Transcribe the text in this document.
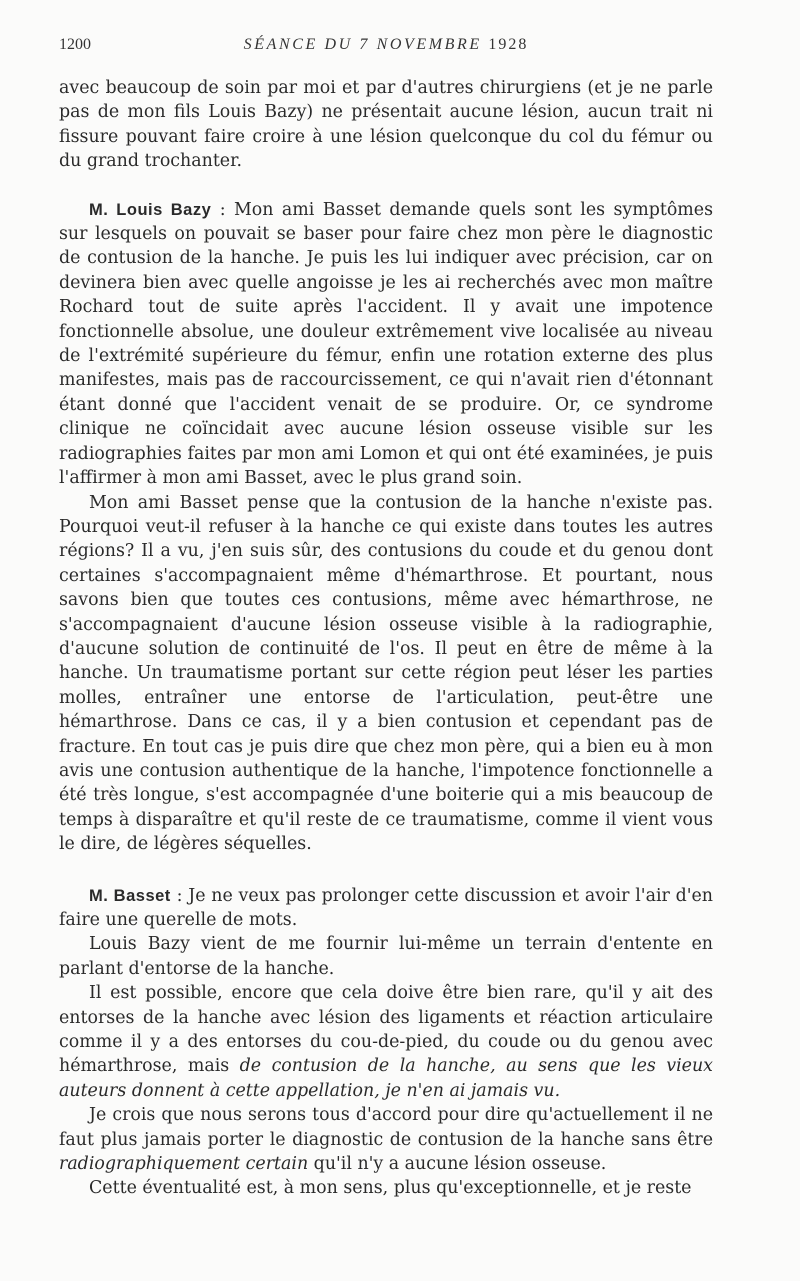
1200	SÉANCE DU 7 NOVEMBRE 1928

avec beaucoup de soin par moi et par d'autres chirurgiens (et je ne parle pas de mon fils Louis Bazy) ne présentait aucune lésion, aucun trait ni fissure pouvant faire croire à une lésion quelconque du col du fémur ou du grand trochanter.

M. Louis Bazy : Mon ami Basset demande quels sont les symptômes sur lesquels on pouvait se baser pour faire chez mon père le diagnostic de contusion de la hanche. Je puis les lui indiquer avec précision, car on devinera bien avec quelle angoisse je les ai recherchés avec mon maître Rochard tout de suite après l'accident. Il y avait une impotence fonctionnelle absolue, une douleur extrêmement vive localisée au niveau de l'extrémité supérieure du fémur, enfin une rotation externe des plus manifestes, mais pas de raccourcissement, ce qui n'avait rien d'étonnant étant donné que l'accident venait de se produire. Or, ce syndrome clinique ne coïncidait avec aucune lésion osseuse visible sur les radiographies faites par mon ami Lomon et qui ont été examinées, je puis l'affirmer à mon ami Basset, avec le plus grand soin.

Mon ami Basset pense que la contusion de la hanche n'existe pas. Pourquoi veut-il refuser à la hanche ce qui existe dans toutes les autres régions? Il a vu, j'en suis sûr, des contusions du coude et du genou dont certaines s'accompagnaient même d'hémarthrose. Et pourtant, nous savons bien que toutes ces contusions, même avec hémarthrose, ne s'accompagnaient d'aucune lésion osseuse visible à la radiographie, d'aucune solution de continuité de l'os. Il peut en être de même à la hanche. Un traumatisme portant sur cette région peut léser les parties molles, entraîner une entorse de l'articulation, peut-être une hémarthrose. Dans ce cas, il y a bien contusion et cependant pas de fracture. En tout cas je puis dire que chez mon père, qui a bien eu à mon avis une contusion authentique de la hanche, l'impotence fonctionnelle a été très longue, s'est accompagnée d'une boiterie qui a mis beaucoup de temps à disparaître et qu'il reste de ce traumatisme, comme il vient vous le dire, de légères séquelles.

M. Basset : Je ne veux pas prolonger cette discussion et avoir l'air d'en faire une querelle de mots.

Louis Bazy vient de me fournir lui-même un terrain d'entente en parlant d'entorse de la hanche.

Il est possible, encore que cela doive être bien rare, qu'il y ait des entorses de la hanche avec lésion des ligaments et réaction articulaire comme il y a des entorses du cou-de-pied, du coude ou du genou avec hémarthrose, mais de contusion de la hanche, au sens que les vieux auteurs donnent à cette appellation, je n'en ai jamais vu.

Je crois que nous serons tous d'accord pour dire qu'actuellement il ne faut plus jamais porter le diagnostic de contusion de la hanche sans être radiographiquement certain qu'il n'y a aucune lésion osseuse.

Cette éventualité est, à mon sens, plus qu'exceptionnelle, et je reste
